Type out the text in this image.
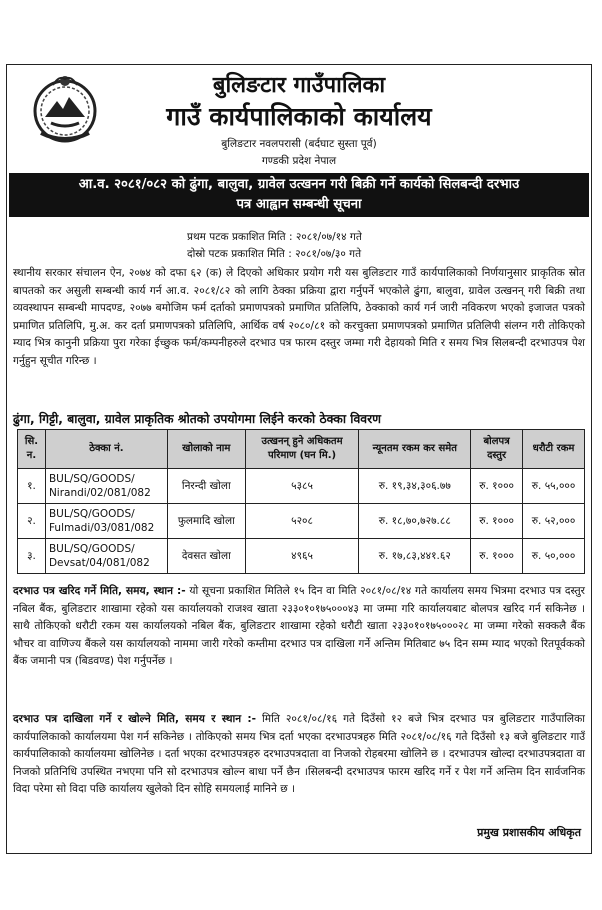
बुलिङटार गाउँपालिका
गाउँ कार्यपालिकाको कार्यालय
बुलिङटार नवलपरासी (बर्दघाट सुस्ता पूर्व)
गण्डकी प्रदेश नेपाल
आ.व. २०८१/०८२ को ढुंगा, बालुवा, ग्रावेल उत्खनन गरी बिक्री गर्ने कार्यको सिलबन्दी दरभाउ
पत्र आह्वान सम्बन्धी सूचना
प्रथम पटक प्रकाशित मिति : २०८१/०७/१४ गते
दोस्रो पटक प्रकाशित मिति : २०८१/०७/३० गते
स्थानीय सरकार संचालन ऐन, २०७४ को दफा ६२ (क) ले दिएको अधिकार प्रयोग गरी यस बुलिङटार गाउँ कार्यपालिकाको निर्णयानुसार प्राकृतिक स्रोत बापतको कर असुली सम्बन्धी कार्य गर्न आ.व. २०८१/८२ को लागि ठेक्का प्रक्रिया द्वारा गर्नुपर्ने भएकोले ढुंगा, बालुवा, ग्रावेल उत्खनन् गरी बिक्री तथा व्यवस्थापन सम्बन्धी मापदण्ड, २०७७ बमोजिम फर्म दर्ताको प्रमाणपत्रको प्रमाणित प्रतिलिपि, ठेक्काको कार्य गर्न जारी नविकरण भएको इजाजत पत्रको प्रमाणित प्रतिलिपि, मु.अ. कर दर्ता प्रमाणपत्रको प्रतिलिपि, आर्थिक वर्ष २०८०/८१ को करचुक्ता प्रमाणपत्रको प्रमाणित प्रतिलिपी संलग्न गरी तोकिएको म्याद भित्र कानुनी प्रक्रिया पुरा गरेका ईच्छुक फर्म/कम्पनीहरुले दरभाउ पत्र फारम दस्तुर जम्मा गरी देहायको मिति र समय भित्र सिलबन्दी दरभाउपत्र पेश गर्नुहुन सूचीत गरिन्छ ।
ढुंगा, गिट्टी, बालुवा, ग्रावेल प्राकृतिक श्रोतको उपयोगमा लिईने करको ठेक्का विवरण
सि. न.	ठेक्का नं.	खोलाको नाम	उत्खनन् हुने अधिकतम परिमाण (घन मि.)	न्यूनतम रकम कर समेत	बोलपत्र दस्तुर	धरौटी रकम
१.	BUL/SQ/GOODS/ Nirandi/02/081/082	निरन्दी खोला	५३८५	रु. १९,३४,३०६.७७	रु. १०००	रु. ५५,०००
२.	BUL/SQ/GOODS/ Fulmadi/03/081/082	फुलमादि खोला	५२०८	रु. १८,७०,७२७.८८	रु. १०००	रु. ५२,०००
३.	BUL/SQ/GOODS/ Devsat/04/081/082	देवसत खोला	४९६५	रु. १७,८३,४४१.६२	रु. १०००	रु. ५०,०००
दरभाउ पत्र खरिद गर्ने मिति, समय, स्थान :- यो सूचना प्रकाशित मितिले १५ दिन वा मिति २०८१/०८/१४ गते कार्यालय समय भित्रमा दरभाउ पत्र दस्तुर नबिल बैंक, बुलिङटार शाखामा रहेको यस कार्यालयको राजश्व खाता २३३०१०१७५०००४३ मा जम्मा गरि कार्यालयबाट बोलपत्र खरिद गर्न सकिनेछ । साथै तोकिएको धरौटी रकम यस कार्यालयको नबिल बैंक, बुलिङटार शाखामा रहेको धरौटी खाता २३३०१०१७५०००२८ मा जम्मा गरेको सक्कलै बैंक भौचर वा वाणिज्य बैंकले यस कार्यालयको नाममा जारी गरेको कम्तीमा दरभाउ पत्र दाखिला गर्ने अन्तिम मितिबाट ७५ दिन सम्म म्याद भएको रितपूर्वकको बैंक जमानी पत्र (बिडवण्ड) पेश गर्नुपर्नेछ ।
दरभाउ पत्र दाखिला गर्ने र खोल्ने मिति, समय र स्थान :- मिति २०८१/०८/१६ गते दिउँसो १२ बजे भित्र दरभाउ पत्र बुलिङटार गाउँपालिका कार्यपालिकाको कार्यालयमा पेश गर्न सकिनेछ । तोकिएको समय भित्र दर्ता भएका दरभाउपत्रहरु मिति २०८१/०८/१६ गते दिउँसो १३ बजे बुलिङटार गाउँ कार्यपालिकाको कार्यालयमा खोलिनेछ । दर्ता भएका दरभाउपत्रहरु दरभाउपत्रदाता वा निजको रोहबरमा खोलिने छ । दरभाउपत्र खोल्दा दरभाउपत्रदाता वा निजको प्रतिनिधि उपस्थित नभएमा पनि सो दरभाउपत्र खोल्न बाधा पर्ने छैन ।सिलबन्दी दरभाउपत्र फारम खरिद गर्ने र पेश गर्ने अन्तिम दिन सार्वजनिक विदा परेमा सो विदा पछि कार्यालय खुलेको दिन सोहि समयलाई मानिने छ ।
प्रमुख प्रशासकीय अधिकृत
